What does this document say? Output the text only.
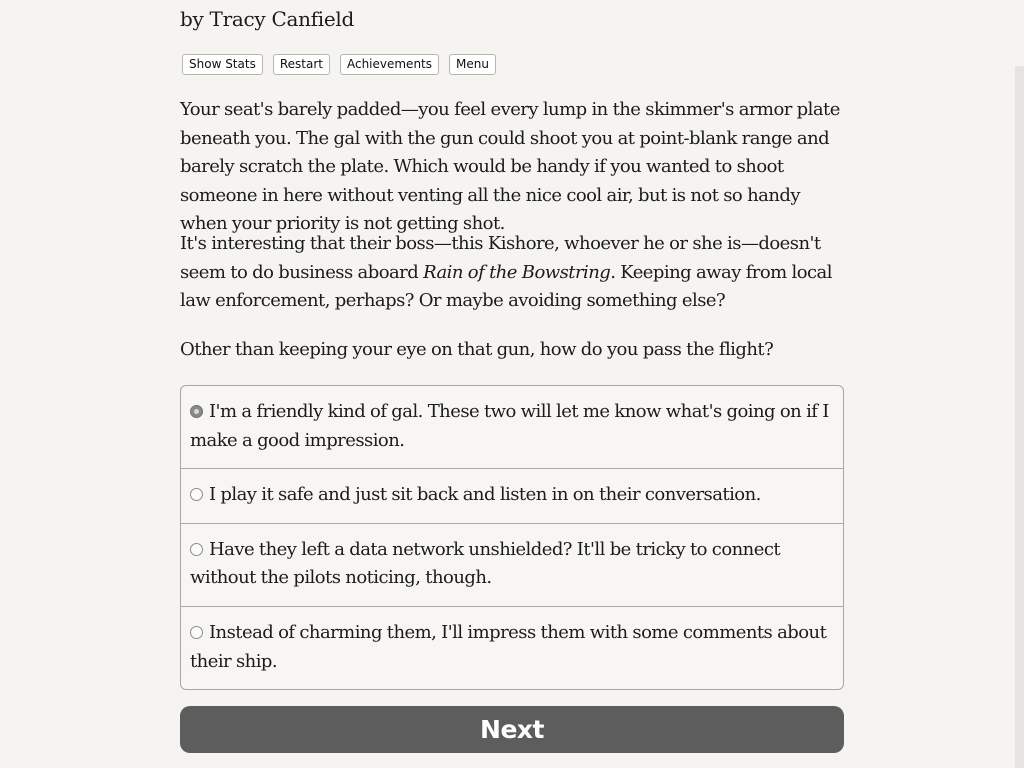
by Tracy Canfield
Show Stats Restart Achievements Menu

Your seat's barely padded—you feel every lump in the skimmer's armor plate beneath you. The gal with the gun could shoot you at point-blank range and barely scratch the plate. Which would be handy if you wanted to shoot someone in here without venting all the nice cool air, but is not so handy when your priority is not getting shot.

It's interesting that their boss—this Kishore, whoever he or she is—doesn't seem to do business aboard Rain of the Bowstring. Keeping away from local law enforcement, perhaps? Or maybe avoiding something else?

Other than keeping your eye on that gun, how do you pass the flight?

I'm a friendly kind of gal. These two will let me know what's going on if I make a good impression.
I play it safe and just sit back and listen in on their conversation.
Have they left a data network unshielded? It'll be tricky to connect without the pilots noticing, though.
Instead of charming them, I'll impress them with some comments about their ship.
Next
